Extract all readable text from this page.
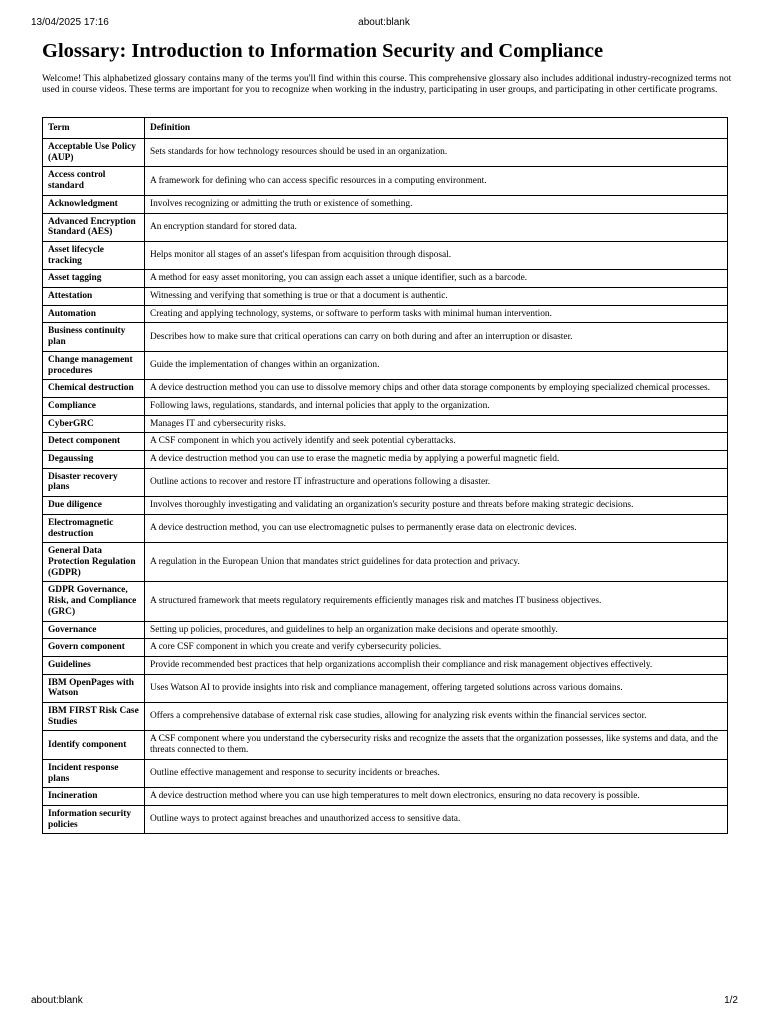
13/04/2025 17:16	about:blank
Glossary: Introduction to Information Security and Compliance

Welcome! This alphabetized glossary contains many of the terms you'll find within this course. This comprehensive glossary also includes additional industry-recognized terms not used in course videos. These terms are important for you to recognize when working in the industry, participating in user groups, and participating in other certificate programs.

Term	Definition
Acceptable Use Policy (AUP)	Sets standards for how technology resources should be used in an organization.
Access control standard	A framework for defining who can access specific resources in a computing environment.
Acknowledgment	Involves recognizing or admitting the truth or existence of something.
Advanced Encryption Standard (AES)	An encryption standard for stored data.
Asset lifecycle tracking	Helps monitor all stages of an asset's lifespan from acquisition through disposal.
Asset tagging	A method for easy asset monitoring, you can assign each asset a unique identifier, such as a barcode.
Attestation	Witnessing and verifying that something is true or that a document is authentic.
Automation	Creating and applying technology, systems, or software to perform tasks with minimal human intervention.
Business continuity plan	Describes how to make sure that critical operations can carry on both during and after an interruption or disaster.
Change management procedures	Guide the implementation of changes within an organization.
Chemical destruction	A device destruction method you can use to dissolve memory chips and other data storage components by employing specialized chemical processes.
Compliance	Following laws, regulations, standards, and internal policies that apply to the organization.
CyberGRC	Manages IT and cybersecurity risks.
Detect component	A CSF component in which you actively identify and seek potential cyberattacks.
Degaussing	A device destruction method you can use to erase the magnetic media by applying a powerful magnetic field.
Disaster recovery plans	Outline actions to recover and restore IT infrastructure and operations following a disaster.
Due diligence	Involves thoroughly investigating and validating an organization's security posture and threats before making strategic decisions.
Electromagnetic destruction	A device destruction method, you can use electromagnetic pulses to permanently erase data on electronic devices.
General Data Protection Regulation (GDPR)	A regulation in the European Union that mandates strict guidelines for data protection and privacy.
GDPR Governance, Risk, and Compliance (GRC)	A structured framework that meets regulatory requirements efficiently manages risk and matches IT business objectives.
Governance	Setting up policies, procedures, and guidelines to help an organization make decisions and operate smoothly.
Govern component	A core CSF component in which you create and verify cybersecurity policies.
Guidelines	Provide recommended best practices that help organizations accomplish their compliance and risk management objectives effectively.
IBM OpenPages with Watson	Uses Watson AI to provide insights into risk and compliance management, offering targeted solutions across various domains.
IBM FIRST Risk Case Studies	Offers a comprehensive database of external risk case studies, allowing for analyzing risk events within the financial services sector.
Identify component	A CSF component where you understand the cybersecurity risks and recognize the assets that the organization possesses, like systems and data, and the threats connected to them.
Incident response plans	Outline effective management and response to security incidents or breaches.
Incineration	A device destruction method where you can use high temperatures to melt down electronics, ensuring no data recovery is possible.
Information security policies	Outline ways to protect against breaches and unauthorized access to sensitive data.
about:blank	1/2
